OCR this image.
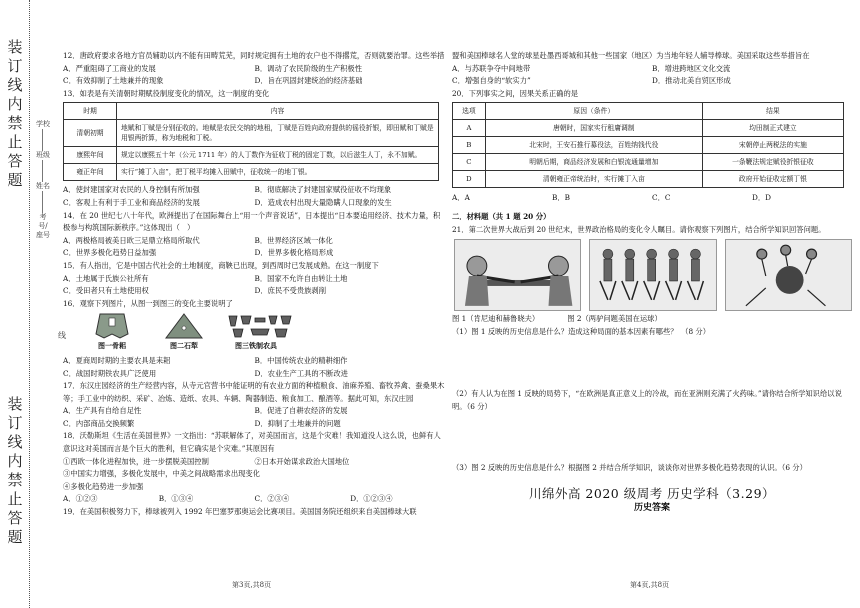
装订线内禁止答题
学校
班级
姓名
考号/座号
装订线内禁止答题
线

12．唐政府要求各地方官员辅助以内不能有田畴荒芜，同时规定拥有土地的农户也不得撂荒，否则就要治罪。这些举措

A．严重阻碍了工商业的发展	B．调动了农民阶级的生产积极性
C．有效抑制了土地兼并的现象	D．旨在巩固封建统治的经济基础

13．如表是有关清朝时期赋役制度变化的情况，这一制度的变化

时期	内容
清朝初期	地赋和丁赋是分别征收的。地赋是农民交纳的地租，丁赋是百姓向政府提供的徭役折银，即田赋和丁赋是用银两折算，称为地税和丁税。
康熙年间	规定以康熙五十年（公元 1711 年）的人丁数作为征收丁税的固定丁数，以后滋生人丁，永不加赋。
雍正年间	实行“摊丁入亩”，把丁税平均摊入田赋中，征收统一的地丁银。
A．使封建国家对农民的人身控制有所加强	B．彻底解决了封建国家赋役征收不均现象
C．客观上有利于手工业和商品经济的发展	D．造成农村出现大量隐瞒人口现象的发生

14．在 20 世纪七八十年代，欧洲提出了在国际舞台上“用一个声音说话”，日本提出“日本要追用经济、技术力量，积极参与构筑国际新秩序。”这体现出（　）

A．两极格局被美日欧三足鼎立格局所取代	B．世界经济区域一体化
C．世界多极化趋势日益加强	D．世界多极化格局形成

15．有人指出，它是中国古代社会的土地制度，商鞅已出现，到西周时已发展成熟。在这一制度下

A．土地属于氏族公社所有	B．国家不允许自由转让土地
C．受田者只有土地使用权	D．庶民不受贵族剥削

16．观察下列图片，从图一到图三的变化主要说明了

图一骨耜	图二石犁	图三铁制农具
A．夏商周时期的主要农具是耒耜	B．中国传统农业的精耕细作
C．战国时期铁农具广泛使用	D．农业生产工具的不断改进

17．东汉庄园经济的生产经营内容，从寺元官营书中能证明的有农业方面的种植粮食、油麻养殖、畜牧养禽、蚕桑果木等；手工业中的纺织、采矿、冶炼、造纸、农具、车辆、陶器制造、粮食加工、酿酒等。据此可知，东汉庄园

A．生产具有自给自足性	B．促进了自耕农经济的发展
C．内部商品交换频繁	D．抑制了土地兼并的问题

18．沃勒斯坦《生活在美国世界》一文指出：“苏联解体了，对美国而言，这是个灾难！我知道没人这么说，也鲜有人意识这对美国而言是个巨大的胜利，但它确实是个灾难。”其原因有

①西欧一体化进程加快，进一步摆脱美国控制	②日本开始谋求政治大国地位

③中国实力增强，多极化发展中，中美之间战略需求出现变化

④多极化趋势进一步加强

A．①②③	B．①③④	C．②③④	D．①②③④

19．在美国积极努力下，棒球被列入 1992 年巴塞罗那奥运会比赛项目。美国国务院还组织来自美国棒球大联

第3页,共8页

盟和美国棒球名人堂的球星赴墨西哥城和其他一些国家（地区）为当地年轻人辅导棒球。美国采取这些举措旨在

A．与苏联争夺中间地带	B．增进跨地区文化交流
C．增强自身的“软实力”	D．推动北美自贸区形成

20．下列事实之间，因果关系正确的是

选项	原因（条件）	结果
A	唐朝时，国家实行租庸调制	均田制正式建立
B	北宋时，王安石推行募役法，百姓纳钱代役	宋朝停止两税法的实施
C	明朝后期，商品经济发展和白银流通量增加	一条鞭法规定赋役折银征收
D	清朝雍正帝统治时，实行摊丁入亩	政府开始征收定额丁银
A．A	B．B	C．C	D．D

二．材料题（共 1 题 20 分）

21．第二次世界大战后到 20 世纪末，世界政治格局的变化令人瞩目。请你观察下列图片，结合所学知识回答问题。

图 1（肯尼迪和赫鲁晓夫）	图 2（两驴问题美国在运球）

（1）图 1 反映的历史信息是什么？造成这种局面的基本因素有哪些？　（8 分）

（2）有人认为在图 1 反映的局势下，“在欧洲是真正意义上的冷战，而在亚洲则充满了火药味。”请你结合所学知识给以说明。（6 分）

（3）图 2 反映的历史信息是什么？根据图 2 并结合所学知识，谈谈你对世界多极化趋势表现的认识。（6 分）

川绵外高 2020 级周考 历史学科（3.29）
历史答案
第4页,共8页
